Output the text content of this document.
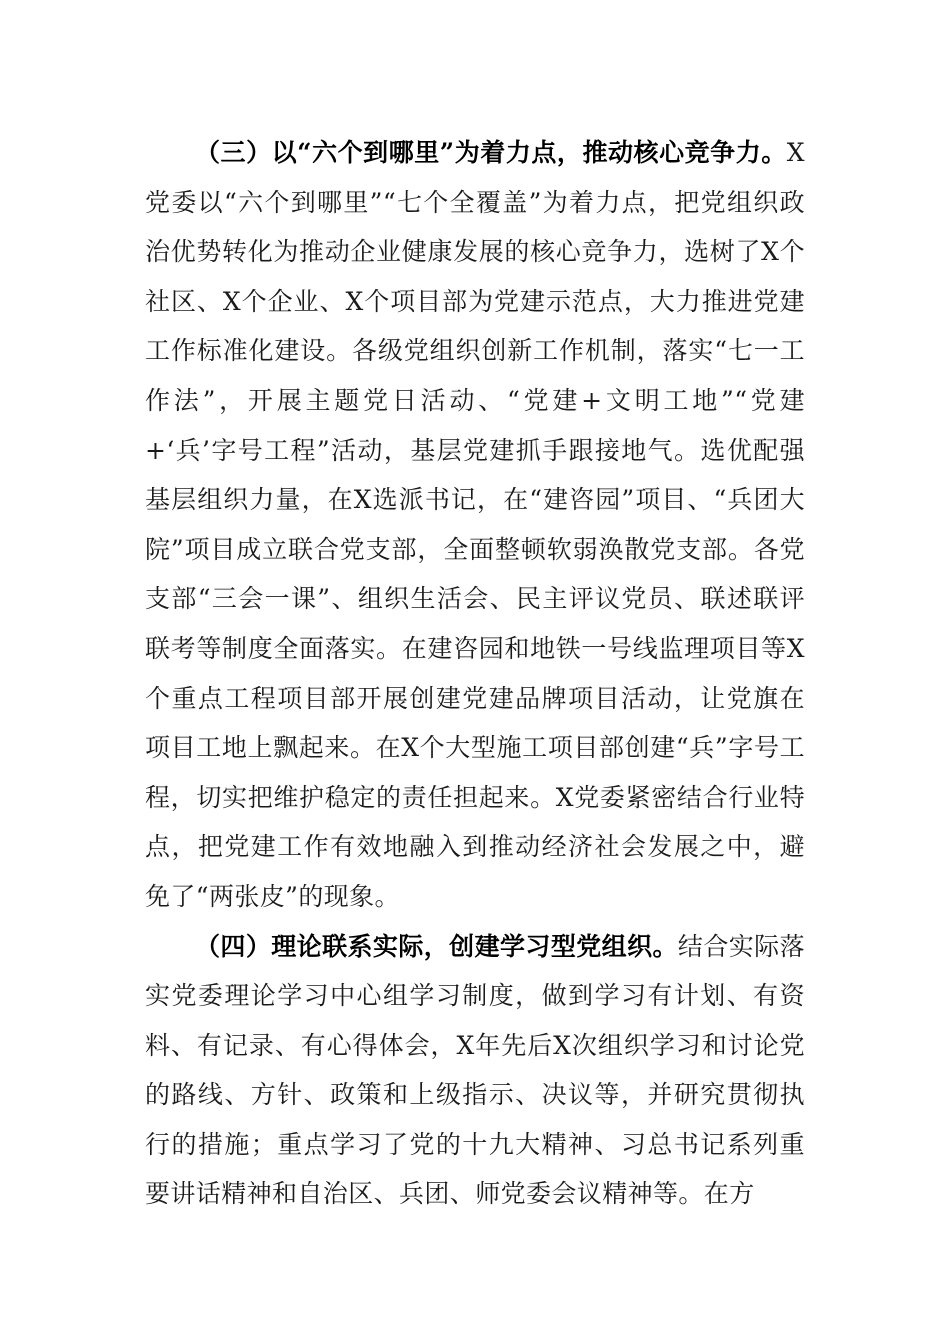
（三）以“六个到哪里”为着力点，推动核心竞争力。X党委以“六个到哪里”“七个全覆盖”为着力点，把党组织政治优势转化为推动企业健康发展的核心竞争力，选树了X个社区、X个企业、X个项目部为党建示范点，大力推进党建工作标准化建设。各级党组织创新工作机制，落实“七一工作法”，开展主题党日活动、“党建+文明工地”“党建+‘兵’字号工程”活动，基层党建抓手跟接地气。选优配强基层组织力量，在X选派书记，在“建咨园”项目、“兵团大院”项目成立联合党支部，全面整顿软弱涣散党支部。各党支部“三会一课”、组织生活会、民主评议党员、联述联评联考等制度全面落实。在建咨园和地铁一号线监理项目等X个重点工程项目部开展创建党建品牌项目活动，让党旗在项目工地上飘起来。在X个大型施工项目部创建“兵”字号工程，切实把维护稳定的责任担起来。X党委紧密结合行业特点，把党建工作有效地融入到推动经济社会发展之中，避免了“两张皮”的现象。

（四）理论联系实际，创建学习型党组织。结合实际落实党委理论学习中心组学习制度，做到学习有计划、有资料、有记录、有心得体会，X年先后X次组织学习和讨论党的路线、方针、政策和上级指示、决议等，并研究贯彻执行的措施；重点学习了党的十九大精神、习总书记系列重要讲话精神和自治区、兵团、师党委会议精神等。在方
